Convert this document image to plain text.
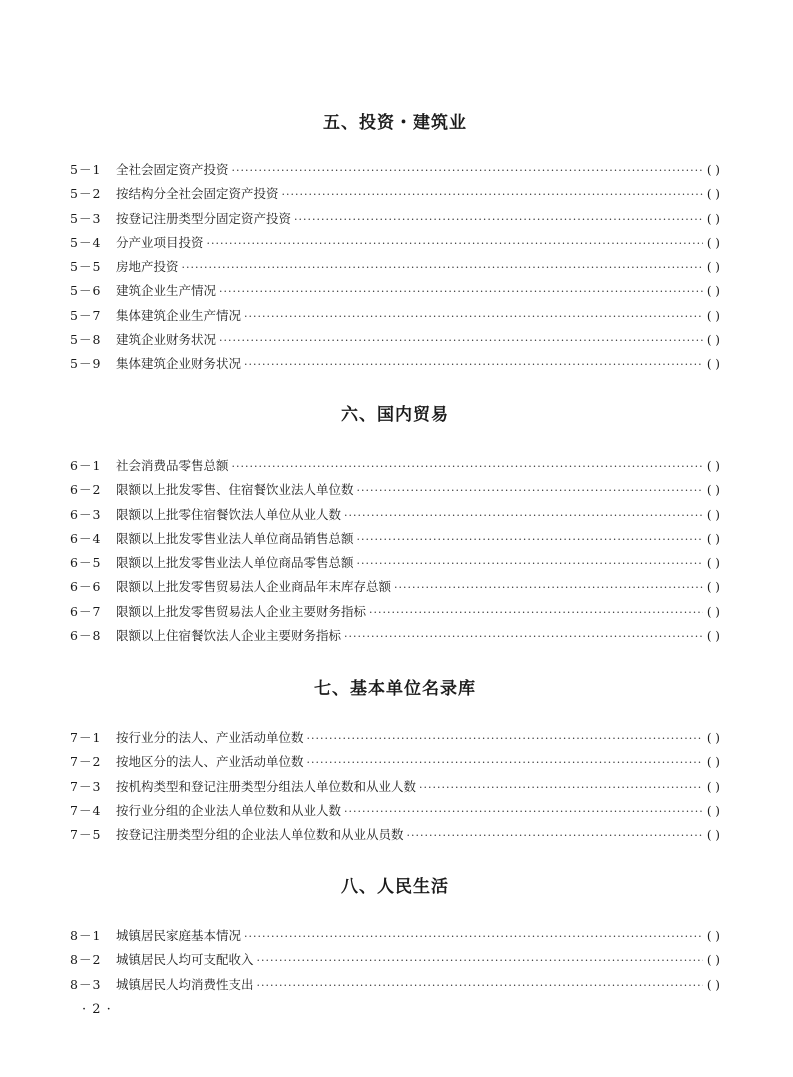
五、投资・建筑业
5－1	全社会固定资产投资 ·····	( )
5－2	按结构分全社会固定资产投资 ·····	( )
5－3	按登记注册类型分固定资产投资 ·····	( )
5－4	分产业项目投资 ·····	( )
5－5	房地产投资 ·····	( )
5－6	建筑企业生产情况 ·····	( )
5－7	集体建筑企业生产情况 ·····	( )
5－8	建筑企业财务状况 ·····	( )
5－9	集体建筑企业财务状况 ·····	( )
六、国内贸易
6－1	社会消费品零售总额 ·····	( )
6－2	限额以上批发零售、住宿餐饮业法人单位数 ·····	( )
6－3	限额以上批零住宿餐饮法人单位从业人数 ·····	( )
6－4	限额以上批发零售业法人单位商品销售总额 ·····	( )
6－5	限额以上批发零售业法人单位商品零售总额 ·····	( )
6－6	限额以上批发零售贸易法人企业商品年末库存总额 ·····	( )
6－7	限额以上批发零售贸易法人企业主要财务指标 ·····	( )
6－8	限额以上住宿餐饮法人企业主要财务指标 ·····	( )
七、基本单位名录库
7－1	按行业分的法人、产业活动单位数 ·····	( )
7－2	按地区分的法人、产业活动单位数 ·····	( )
7－3	按机构类型和登记注册类型分组法人单位数和从业人数 ·····	( )
7－4	按行业分组的企业法人单位数和从业人数 ·····	( )
7－5	按登记注册类型分组的企业法人单位数和从业从员数 ·····	( )
八、人民生活
8－1	城镇居民家庭基本情况 ·····	( )
8－2	城镇居民人均可支配收入 ·····	( )
8－3	城镇居民人均消费性支出 ·····	( )
· 2 ·
